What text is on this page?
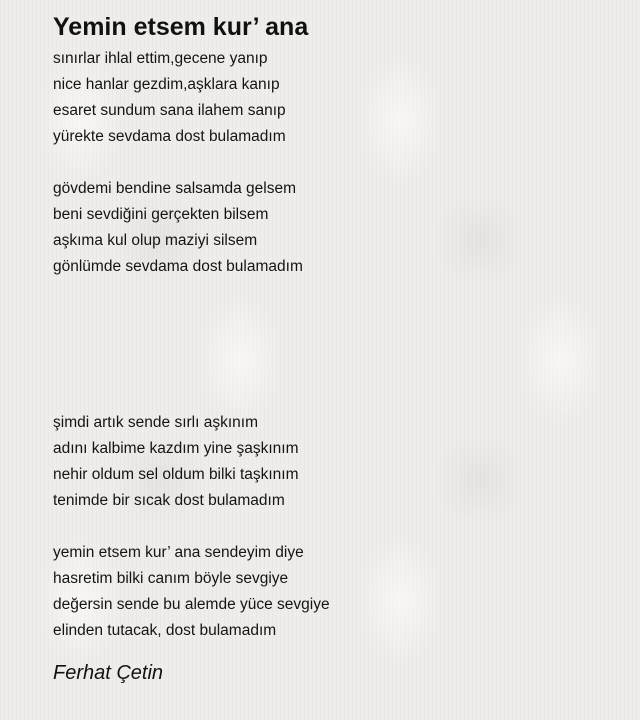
Yemin etsem kur’ ana
sınırlar ihlal ettim,gecene yanıp
nice hanlar gezdim,aşklara kanıp
esaret sundum sana ilahem sanıp
yürekte sevdama dost bulamadım
gövdemi bendine salsamda gelsem
beni sevdiğini gerçekten bilsem
aşkıma kul olup maziyi silsem
gönlümde sevdama dost bulamadım
şimdi artık sende sırlı aşkınım
adını kalbime kazdım yine şaşkınım
nehir oldum sel oldum bilki taşkınım
tenimde bir sıcak dost bulamadım
yemin etsem kur’ ana sendeyim diye
hasretim bilki canım böyle sevgiye
değersin sende bu alemde yüce sevgiye
elinden tutacak, dost bulamadım
Ferhat Çetin
